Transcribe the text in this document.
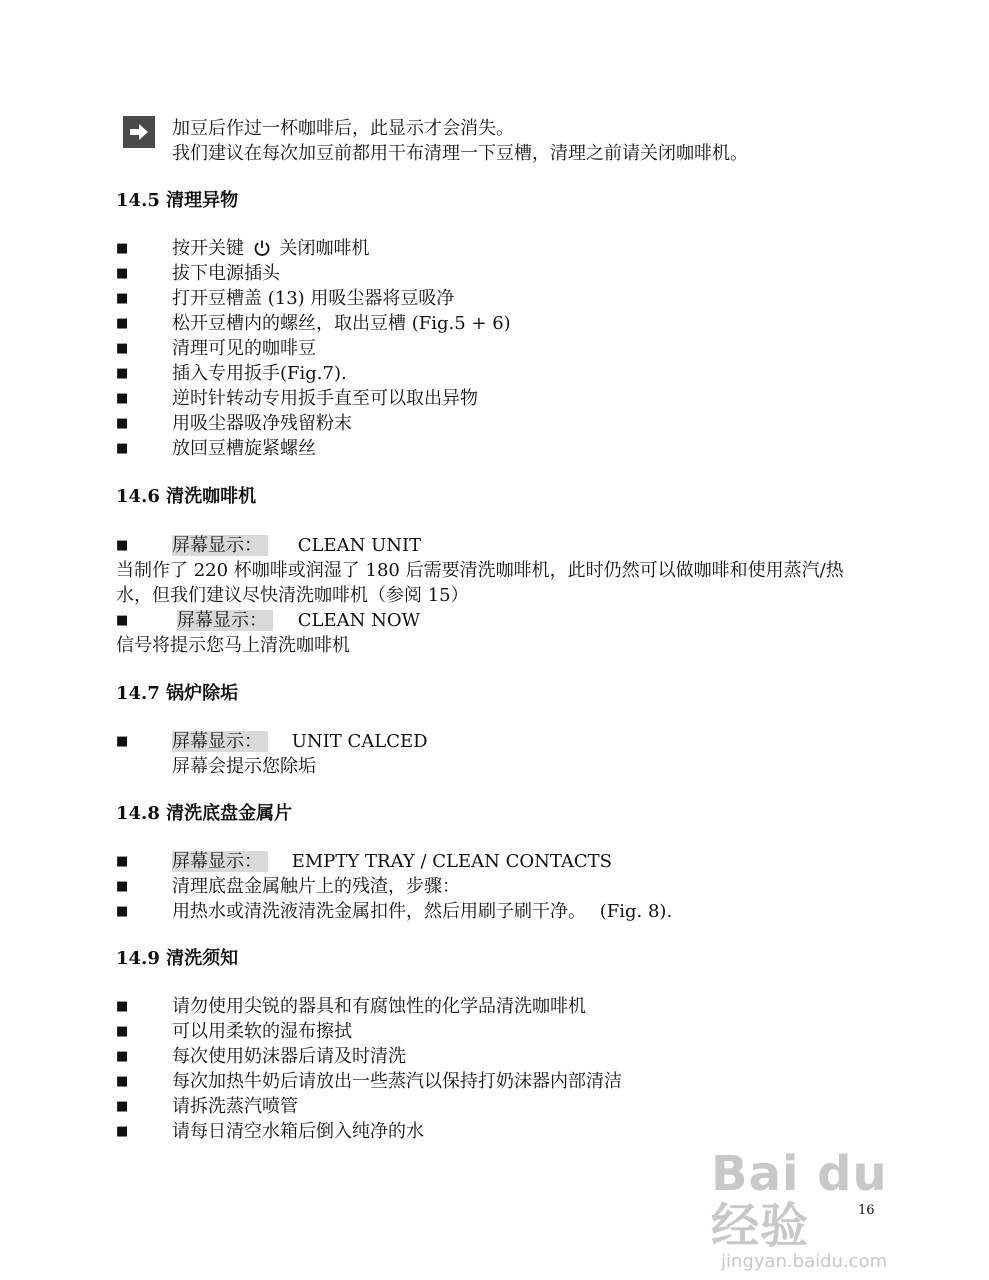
加豆后作过一杯咖啡后，此显示才会消失。
我们建议在每次加豆前都用干布清理一下豆槽，清理之前请关闭咖啡机。
14.5 清理异物
■ 按开关键 关闭咖啡机
■ 拔下电源插头
■ 打开豆槽盖 (13) 用吸尘器将豆吸净
■ 松开豆槽内的螺丝，取出豆槽 (Fig.5 + 6)
■ 清理可见的咖啡豆
■ 插入专用扳手(Fig.7).
■ 逆时针转动专用扳手直至可以取出异物
■ 用吸尘器吸净残留粉末
■ 放回豆槽旋紧螺丝
14.6 清洗咖啡机
■ 屏幕显示： CLEAN UNIT
当制作了 220 杯咖啡或润湿了 180 后需要清洗咖啡机，此时仍然可以做咖啡和使用蒸汽/热
水，但我们建议尽快清洗咖啡机（参阅 15）
■	屏幕显示： CLEAN NOW
信号将提示您马上清洗咖啡机
14.7 锅炉除垢
■ 屏幕显示： UNIT CALCED
屏幕会提示您除垢
14.8 清洗底盘金属片
■ 屏幕显示： EMPTY TRAY / CLEAN CONTACTS
■ 清理底盘金属触片上的残渣，步骤：
■ 用热水或清洗液清洗金属扣件，然后用刷子刷干净。 (Fig. 8).
14.9 清洗须知
■ 请勿使用尖锐的器具和有腐蚀性的化学品清洗咖啡机
■ 可以用柔软的湿布擦拭
■ 每次使用奶沫器后请及时清洗
■ 每次加热牛奶后请放出一些蒸汽以保持打奶沫器内部清洁
■ 请拆洗蒸汽喷管
■ 请每日清空水箱后倒入纯净的水
Bai du 经验
jingyan.baidu.com
16
